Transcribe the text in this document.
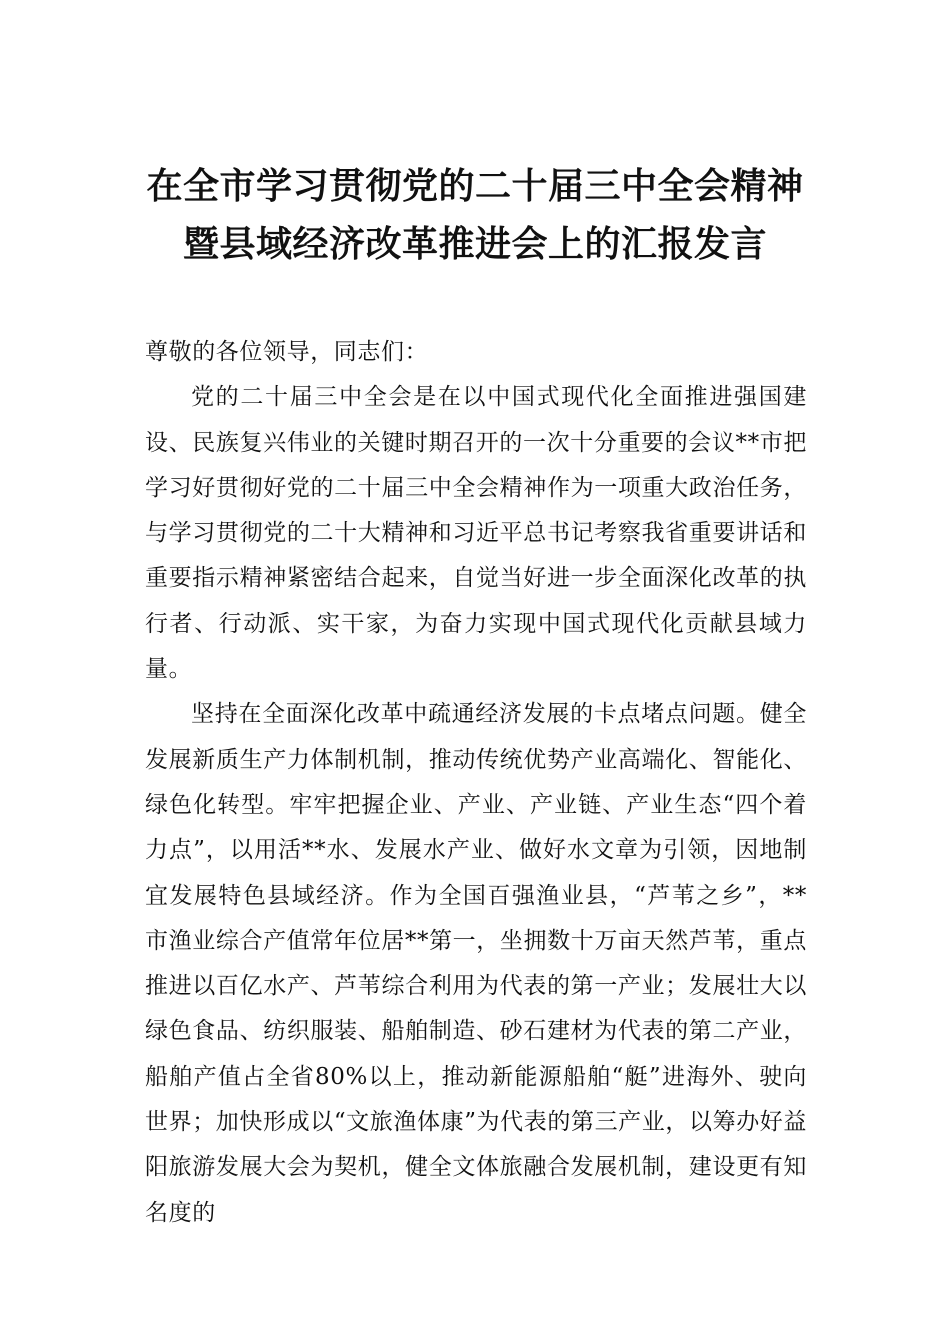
在全市学习贯彻党的二十届三中全会精神
暨县域经济改革推进会上的汇报发言

尊敬的各位领导，同志们：

党的二十届三中全会是在以中国式现代化全面推进强国建设、民族复兴伟业的关键时期召开的一次十分重要的会议**市把学习好贯彻好党的二十届三中全会精神作为一项重大政治任务，与学习贯彻党的二十大精神和习近平总书记考察我省重要讲话和重要指示精神紧密结合起来，自觉当好进一步全面深化改革的执行者、行动派、实干家，为奋力实现中国式现代化贡献县域力量。

坚持在全面深化改革中疏通经济发展的卡点堵点问题。健全发展新质生产力体制机制，推动传统优势产业高端化、智能化、绿色化转型。牢牢把握企业、产业、产业链、产业生态“四个着力点”，以用活**水、发展水产业、做好水文章为引领，因地制宜发展特色县域经济。作为全国百强渔业县，“芦苇之乡”，**市渔业综合产值常年位居**第一，坐拥数十万亩天然芦苇，重点推进以百亿水产、芦苇综合利用为代表的第一产业；发展壮大以绿色食品、纺织服装、船舶制造、砂石建材为代表的第二产业，船舶产值占全省80%以上，推动新能源船舶“艇”进海外、驶向世界；加快形成以“文旅渔体康”为代表的第三产业，以筹办好益阳旅游发展大会为契机，健全文体旅融合发展机制，建设更有知名度的
